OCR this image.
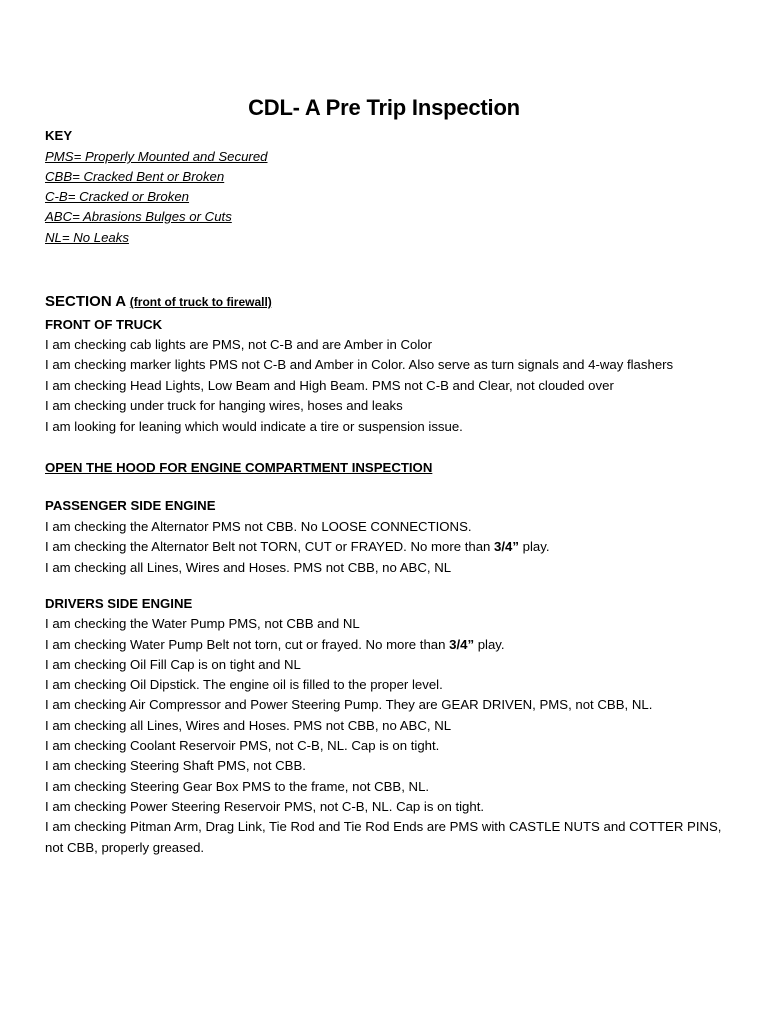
CDL- A Pre Trip Inspection
KEY
PMS= Properly Mounted and Secured
CBB= Cracked Bent or Broken
C-B= Cracked or Broken
ABC= Abrasions Bulges or Cuts
NL= No Leaks
SECTION A (front of truck to firewall)
FRONT OF TRUCK
I am checking cab lights are PMS, not C-B and are Amber in Color
I am checking marker lights PMS not C-B and Amber in Color. Also serve as turn signals and 4-way flashers
I am checking Head Lights, Low Beam and High Beam. PMS not C-B and Clear, not clouded over
I am checking under truck for hanging wires, hoses and leaks
I am looking for leaning which would indicate a tire or suspension issue.
OPEN THE HOOD FOR ENGINE COMPARTMENT INSPECTION
PASSENGER SIDE ENGINE
I am checking the Alternator PMS not CBB. No LOOSE CONNECTIONS.
I am checking the Alternator Belt not TORN, CUT or FRAYED. No more than 3/4” play.
I am checking all Lines, Wires and Hoses. PMS not CBB, no ABC, NL
DRIVERS SIDE ENGINE
I am checking the Water Pump PMS, not CBB and NL
I am checking Water Pump Belt not torn, cut or frayed. No more than 3/4” play.
I am checking Oil Fill Cap is on tight and NL
I am checking Oil Dipstick. The engine oil is filled to the proper level.
I am checking Air Compressor and Power Steering Pump. They are GEAR DRIVEN, PMS, not CBB, NL.
I am checking all Lines, Wires and Hoses. PMS not CBB, no ABC, NL
I am checking Coolant Reservoir PMS, not C-B, NL. Cap is on tight.
I am checking Steering Shaft PMS, not CBB.
I am checking Steering Gear Box PMS to the frame, not CBB, NL.
I am checking Power Steering Reservoir PMS, not C-B, NL. Cap is on tight.
I am checking Pitman Arm, Drag Link, Tie Rod and Tie Rod Ends are PMS with CASTLE NUTS and COTTER PINS,
not CBB, properly greased.
